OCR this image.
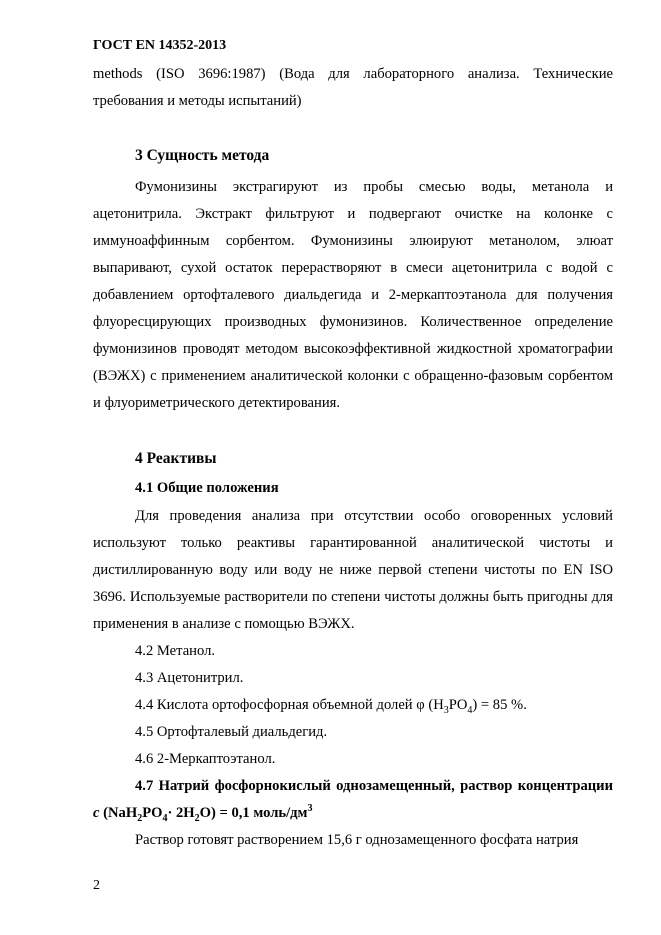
ГОСТ EN 14352-2013
methods (ISO 3696:1987) (Вода для лабораторного анализа. Технические требования и методы испытаний)
3 Сущность метода
Фумонизины экстрагируют из пробы смесью воды, метанола и ацетонитрила. Экстракт фильтруют и подвергают очистке на колонке с иммуноаффинным сорбентом. Фумонизины элюируют метанолом, элюат выпаривают, сухой остаток перерастворяют в смеси ацетонитрила с водой с добавлением ортофталевого диальдегида и 2-меркаптоэтанола для получения флуоресцирующих производных фумонизинов. Количественное определение фумонизинов проводят методом высокоэффективной жидкостной хроматографии (ВЭЖХ) с применением аналитической колонки с обращенно-фазовым сорбентом и флуориметрического детектирования.
4 Реактивы
4.1 Общие положения
Для проведения анализа при отсутствии особо оговоренных условий используют только реактивы гарантированной аналитической чистоты и дистиллированную воду или воду не ниже первой степени чистоты по EN ISO 3696. Используемые растворители по степени чистоты должны быть пригодны для применения в анализе с помощью ВЭЖХ.
4.2 Метанол.
4.3 Ацетонитрил.
4.4 Кислота ортофосфорная объемной долей φ $(H_3PO_4) = 85$ %.
4.5 Ортофталевый диальдегид.
4.6 2-Меркаптоэтанол.
4.7 Натрий фосфорнокислый однозамещенный, раствор концентрации c $(NaH_2PO_4\cdot 2H_2O) = 0,1$ моль/$дм^3$
Раствор готовят растворением 15,6 г однозамещенного фосфата натрия
2
